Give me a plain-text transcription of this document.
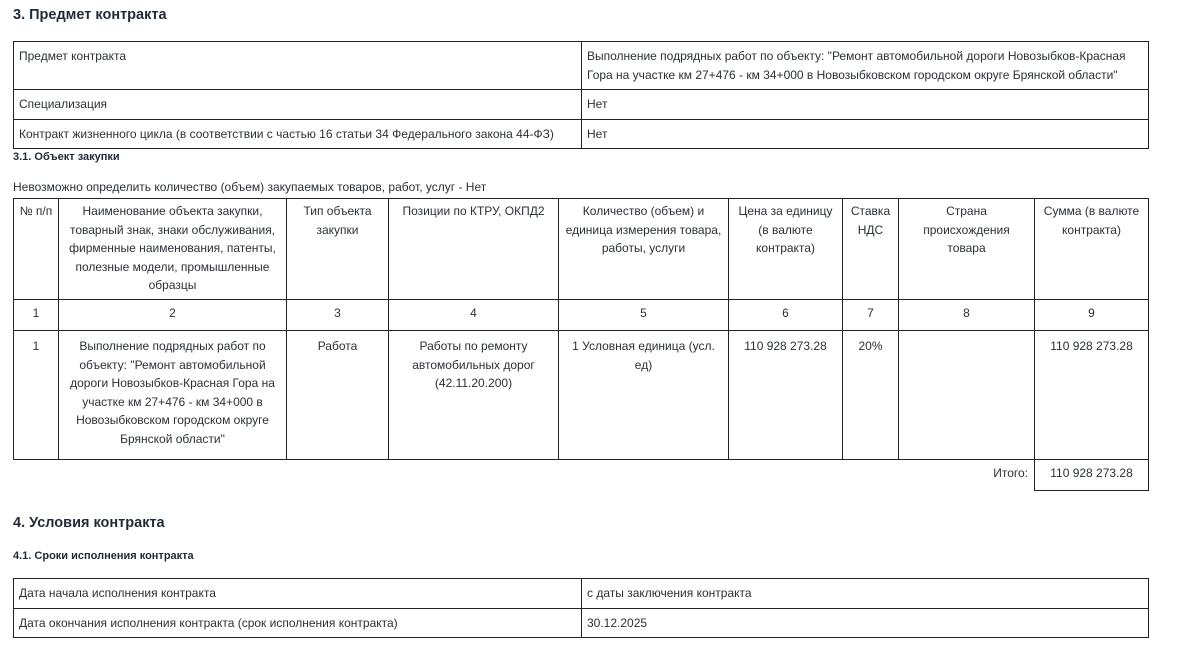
3. Предмет контракта
Предмет контракта	Выполнение подрядных работ по объекту: "Ремонт автомобильной дороги Новозыбков-Красная Гора на участке км 27+476 - км 34+000 в Новозыбковском городском округе Брянской области"
Специализация	Нет
Контракт жизненного цикла (в соответствии с частью 16 статьи 34 Федерального закона 44-ФЗ)	Нет
3.1. Объект закупки
Невозможно определить количество (объем) закупаемых товаров, работ, услуг - Нет
№ п/п	Наименование объекта закупки, товарный знак, знаки обслуживания, фирменные наименования, патенты, полезные модели, промышленные образцы	Тип объекта закупки	Позиции по КТРУ, ОКПД2	Количество (объем) и единица измерения товара, работы, услуги	Цена за единицу (в валюте контракта)	Ставка НДС	Страна происхождения товара	Сумма (в валюте контракта)
1	2	3	4	5	6	7	8	9
1	Выполнение подрядных работ по объекту: "Ремонт автомобильной дороги Новозыбков-Красная Гора на участке км 27+476 - км 34+000 в Новозыбковском городском округе Брянской области"	Работа	Работы по ремонту автомобильных дорог (42.11.20.200)	1 Условная единица (усл. ед)	110 928 273.28	20%		110 928 273.28
Итого:								110 928 273.28
4. Условия контракта
4.1. Сроки исполнения контракта
Дата начала исполнения контракта	с даты заключения контракта
Дата окончания исполнения контракта (срок исполнения контракта)	30.12.2025
